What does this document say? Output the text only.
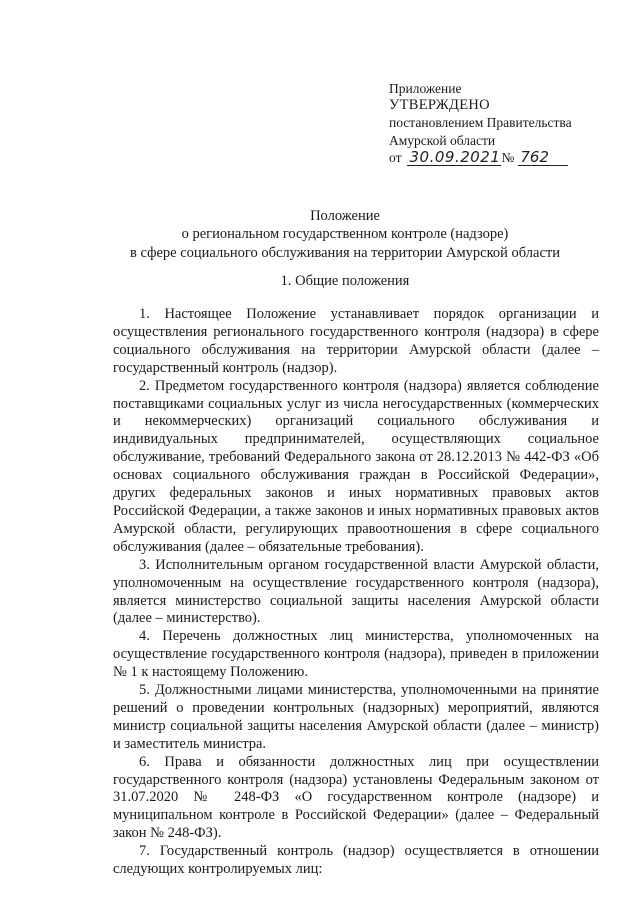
Приложение
УТВЕРЖДЕНО
постановлением Правительства
Амурской области
от 30.09.2021 № 762
Положение
о региональном государственном контроле (надзоре)
в сфере социального обслуживания на территории Амурской области
1. Общие положения

1. Настоящее Положение устанавливает порядок организации и осуществления регионального государственного контроля (надзора) в сфере социального обслуживания на территории Амурской области (далее – государственный контроль (надзор).

2. Предметом государственного контроля (надзора) является соблюдение поставщиками социальных услуг из числа негосударственных (коммерческих и некоммерческих) организаций социального обслуживания и индивидуальных предпринимателей, осуществляющих социальное обслуживание, требований Федерального закона от 28.12.2013 № 442-ФЗ «Об основах социального обслуживания граждан в Российской Федерации», других федеральных законов и иных нормативных правовых актов Российской Федерации, а также законов и иных нормативных правовых актов Амурской области, регулирующих правоотношения в сфере социального обслуживания (далее – обязательные требования).

3. Исполнительным органом государственной власти Амурской области, уполномоченным на осуществление государственного контроля (надзора), является министерство социальной защиты населения Амурской области (далее – министерство).

4. Перечень должностных лиц министерства, уполномоченных на осуществление государственного контроля (надзора), приведен в приложении № 1 к настоящему Положению.

5. Должностными лицами министерства, уполномоченными на принятие решений о проведении контрольных (надзорных) мероприятий, являются министр социальной защиты населения Амурской области (далее – министр) и заместитель министра.

6. Права и обязанности должностных лиц при осуществлении государственного контроля (надзора) установлены Федеральным законом от 31.07.2020 № 248-ФЗ «О государственном контроле (надзоре) и муниципальном контроле в Российской Федерации» (далее – Федеральный закон № 248-ФЗ).

7. Государственный контроль (надзор) осуществляется в отношении следующих контролируемых лиц:
